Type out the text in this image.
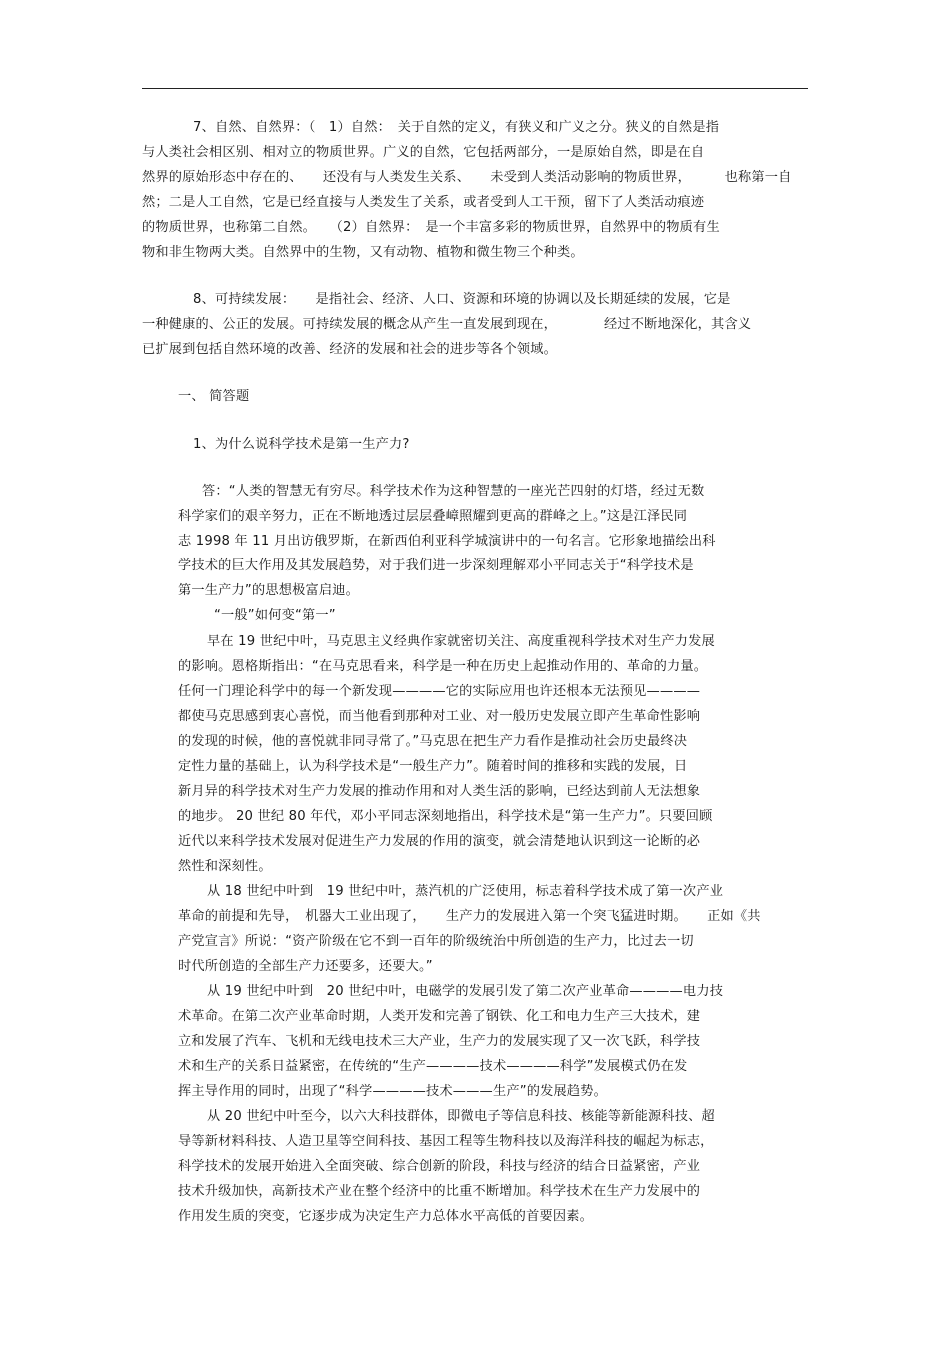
7、自然、自然界：（　1）自然：　关于自然的定义，有狭义和广义之分。狭义的自然是指
与人类社会相区别、相对立的物质世界。广义的自然，它包括两部分，一是原始自然，即是在自
然界的原始形态中存在的、　　还没有与人类发生关系、　　未受到人类活动影响的物质世界，　　　也称第一自
然；二是人工自然，它是已经直接与人类发生了关系，或者受到人工干预，留下了人类活动痕迹
的物质世界，也称第二自然。　　（2）自然界：　是一个丰富多彩的物质世界，自然界中的物质有生
物和非生物两大类。自然界中的生物，又有动物、植物和微生物三个种类。
8、可持续发展：　　是指社会、经济、人口、资源和环境的协调以及长期延续的发展，它是
一种健康的、公正的发展。可持续发展的概念从产生一直发展到现在，　　　　经过不断地深化，其含义
已扩展到包括自然环境的改善、经济的发展和社会的进步等各个领域。
一、 简答题
1、为什么说科学技术是第一生产力?
答：“人类的智慧无有穷尽。科学技术作为这种智慧的一座光芒四射的灯塔，经过无数
科学家们的艰辛努力，正在不断地透过层层叠嶂照耀到更高的群峰之上。”这是江泽民同
志 1998 年 11 月出访俄罗斯，在新西伯利亚科学城演讲中的一句名言。它形象地描绘出科
学技术的巨大作用及其发展趋势，对于我们进一步深刻理解邓小平同志关于“科学技术是
第一生产力”的思想极富启迪。
“一般”如何变“第一”
早在 19 世纪中叶，马克思主义经典作家就密切关注、高度重视科学技术对生产力发展
的影响。恩格斯指出：“在马克思看来，科学是一种在历史上起推动作用的、革命的力量。
任何一门理论科学中的每一个新发现————它的实际应用也许还根本无法预见————
都使马克思感到衷心喜悦，而当他看到那种对工业、对一般历史发展立即产生革命性影响
的发现的时候，他的喜悦就非同寻常了。”马克思在把生产力看作是推动社会历史最终决
定性力量的基础上，认为科学技术是“一般生产力”。随着时间的推移和实践的发展，日
新月异的科学技术对生产力发展的推动作用和对人类生活的影响，已经达到前人无法想象
的地步。 20 世纪 80 年代，邓小平同志深刻地指出，科学技术是“第一生产力”。只要回顾
近代以来科学技术发展对促进生产力发展的作用的演变，就会清楚地认识到这一论断的必
然性和深刻性。
从 18 世纪中叶到　19 世纪中叶，蒸汽机的广泛使用，标志着科学技术成了第一次产业
革命的前提和先导，　机器大工业出现了，　　生产力的发展进入第一个突飞猛进时期。　　正如《共
产党宣言》所说：“资产阶级在它不到一百年的阶级统治中所创造的生产力，比过去一切
时代所创造的全部生产力还要多，还要大。”
从 19 世纪中叶到　20 世纪中叶，电磁学的发展引发了第二次产业革命————电力技
术革命。在第二次产业革命时期，人类开发和完善了钢铁、化工和电力生产三大技术，建
立和发展了汽车、飞机和无线电技术三大产业，生产力的发展实现了又一次飞跃，科学技
术和生产的关系日益紧密，在传统的“生产————技术————科学”发展模式仍在发
挥主导作用的同时，出现了“科学————技术———生产”的发展趋势。
从 20 世纪中叶至今，以六大科技群体，即微电子等信息科技、核能等新能源科技、超
导等新材料科技、人造卫星等空间科技、基因工程等生物科技以及海洋科技的崛起为标志，
科学技术的发展开始进入全面突破、综合创新的阶段，科技与经济的结合日益紧密，产业
技术升级加快，高新技术产业在整个经济中的比重不断增加。科学技术在生产力发展中的
作用发生质的突变，它逐步成为决定生产力总体水平高低的首要因素。
